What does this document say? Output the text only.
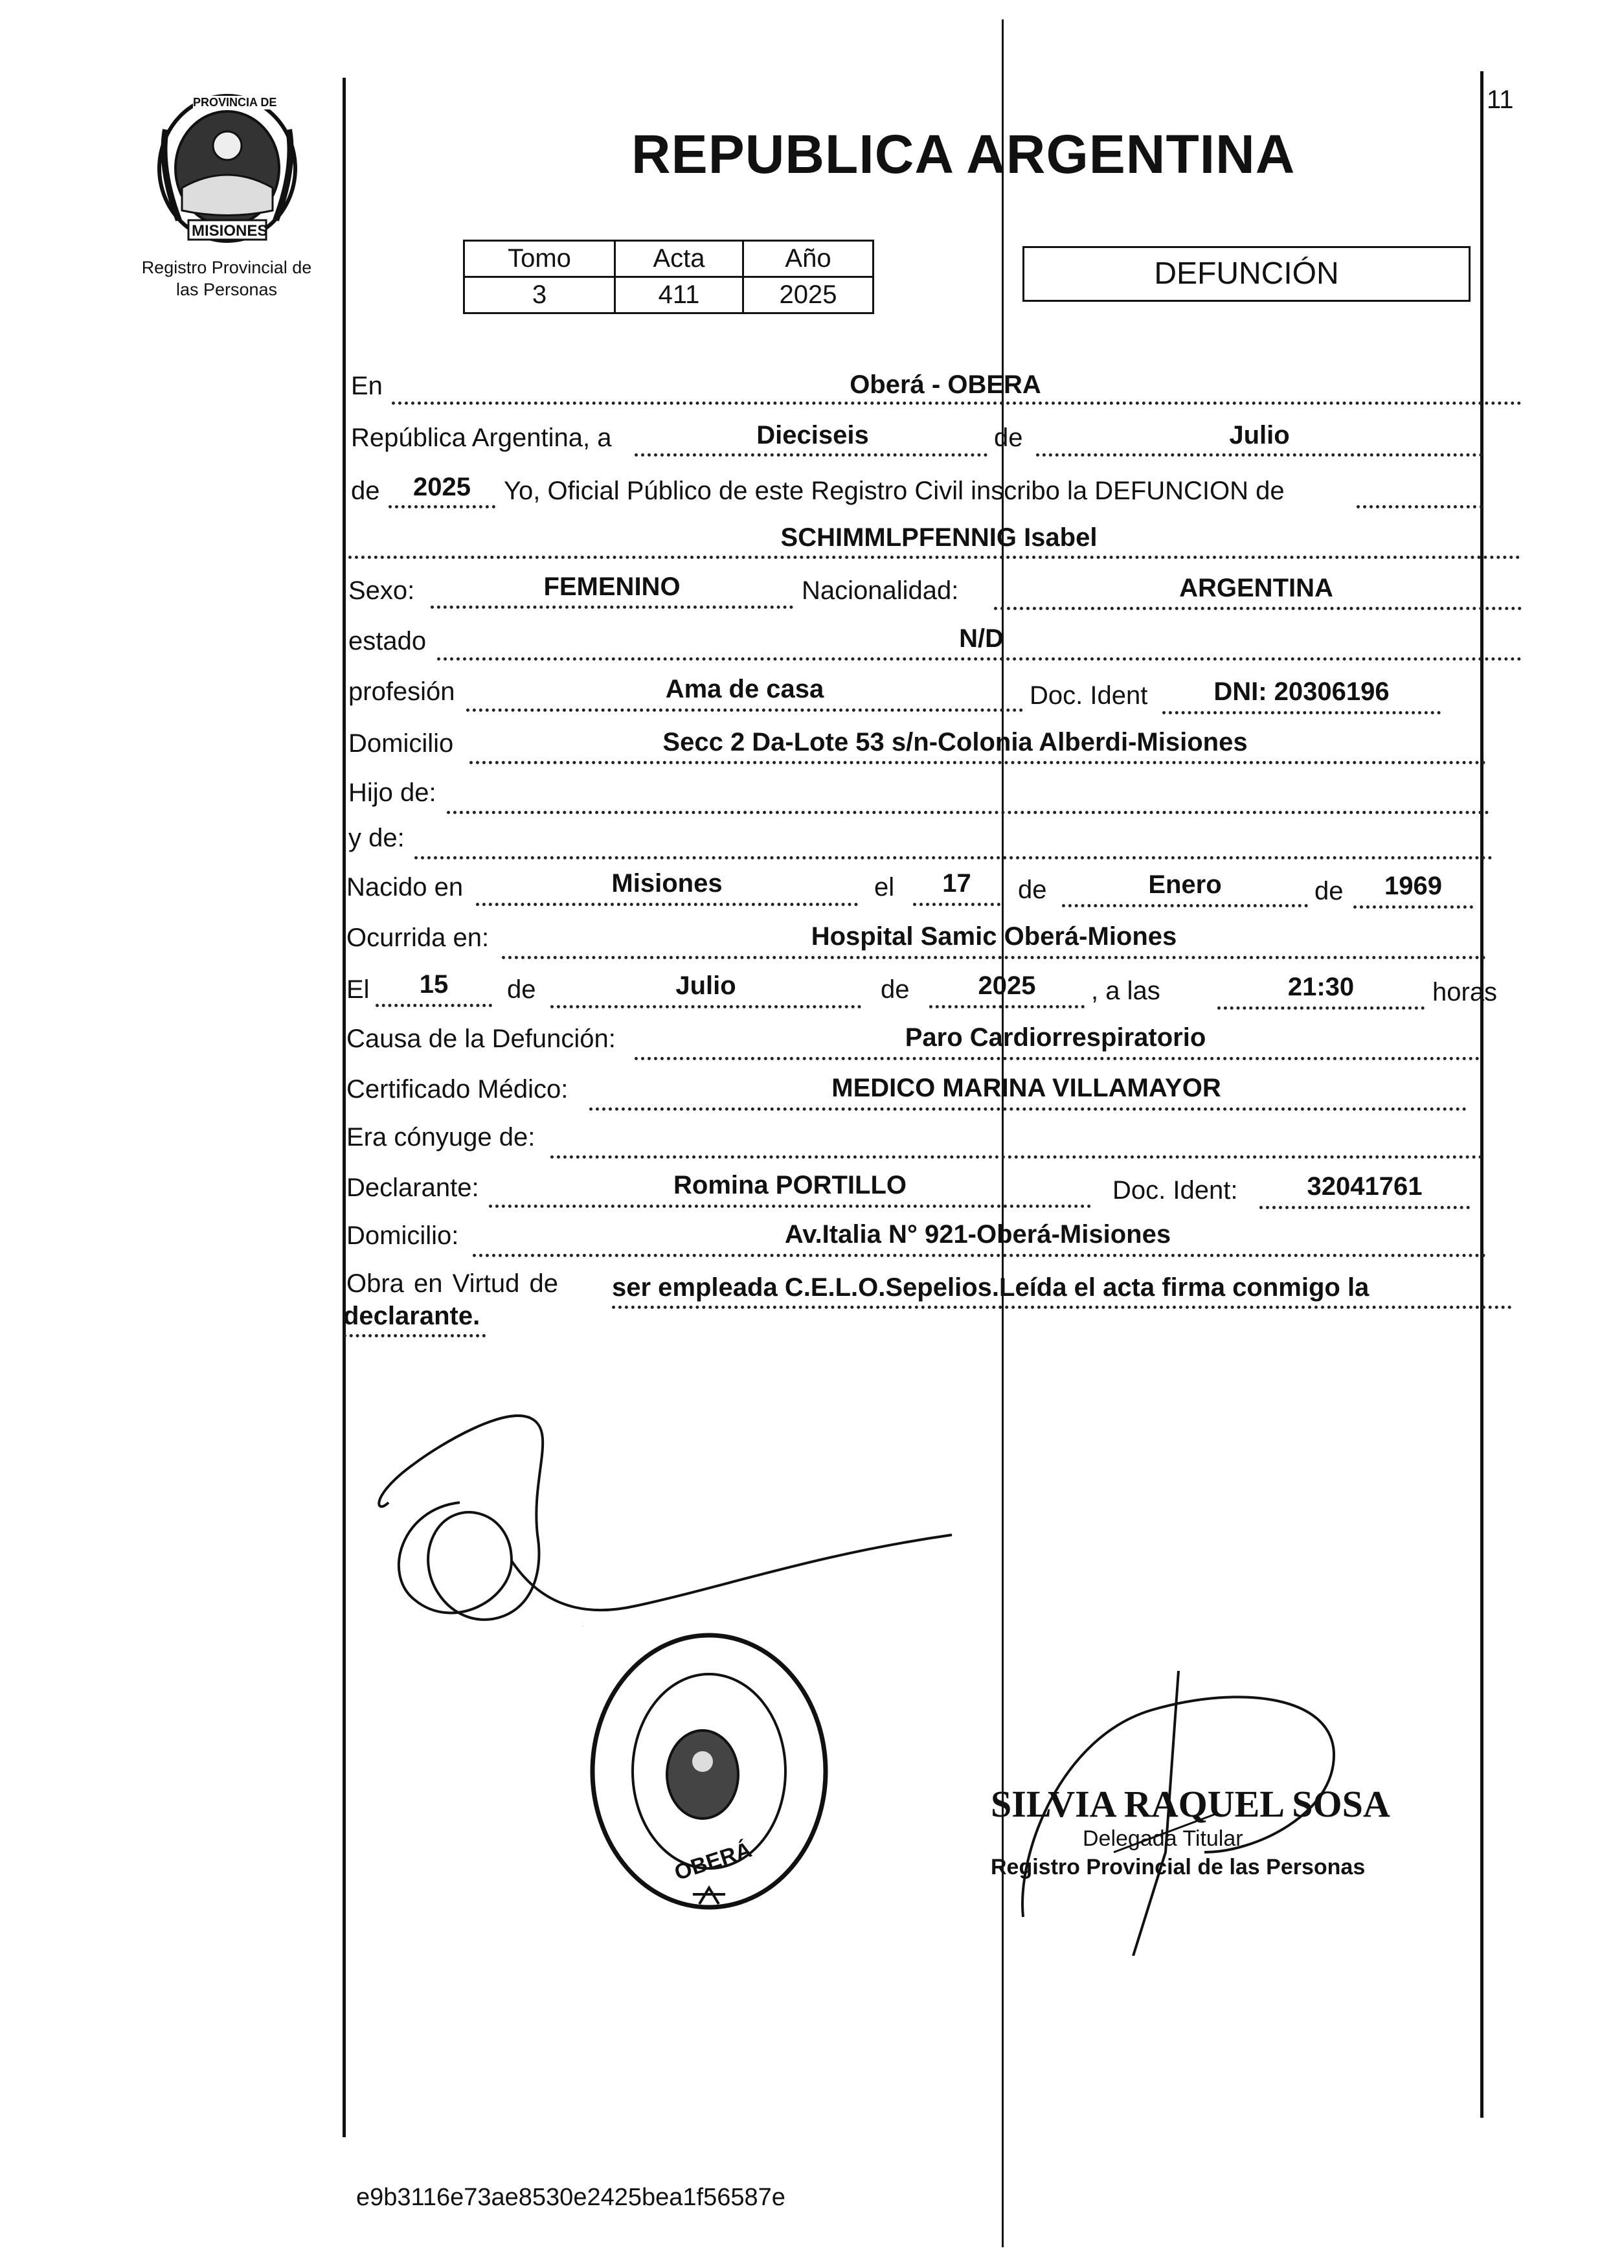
11
PROVINCIA DE
MISIONES
Registro Provincial de
las Personas
REPUBLICA ARGENTINA
Tomo	Acta	Año
3	411	2025
DEFUNCIÓN
En	Oberá - OBERA
República Argentina, a	Dieciseis	de	Julio
de	2025	Yo, Oficial Público de este Registro Civil inscribo la DEFUNCION de
SCHIMMLPFENNIG Isabel
Sexo:	FEMENINO	Nacionalidad:	ARGENTINA
estado	N/D
profesión	Ama de casa	Doc. Ident	DNI: 20306196
Domicilio	Secc 2 Da-Lote 53 s/n-Colonia Alberdi-Misiones
Hijo de:
y de:
Nacido en	Misiones	el	17	de	Enero	de	1969
Ocurrida en:	Hospital Samic Oberá-Miones
El	15	de	Julio	de	2025	, a las	21:30	horas
Causa de la Defunción:	Paro Cardiorrespiratorio
Certificado Médico:	MEDICO MARINA VILLAMAYOR
Era cónyuge de:
Declarante:	Romina PORTILLO	Doc. Ident:	32041761
Domicilio:	Av.Italia N° 921-Oberá-Misiones
Obra en Virtud de ser empleada C.E.L.O.Sepelios.Leída el acta firma conmigo la
declarante.
OBERÁ
SILVIA RAQUEL SOSA
Delegada Titular
Registro Provincial de las Personas
e9b3116e73ae8530e2425bea1f56587e
